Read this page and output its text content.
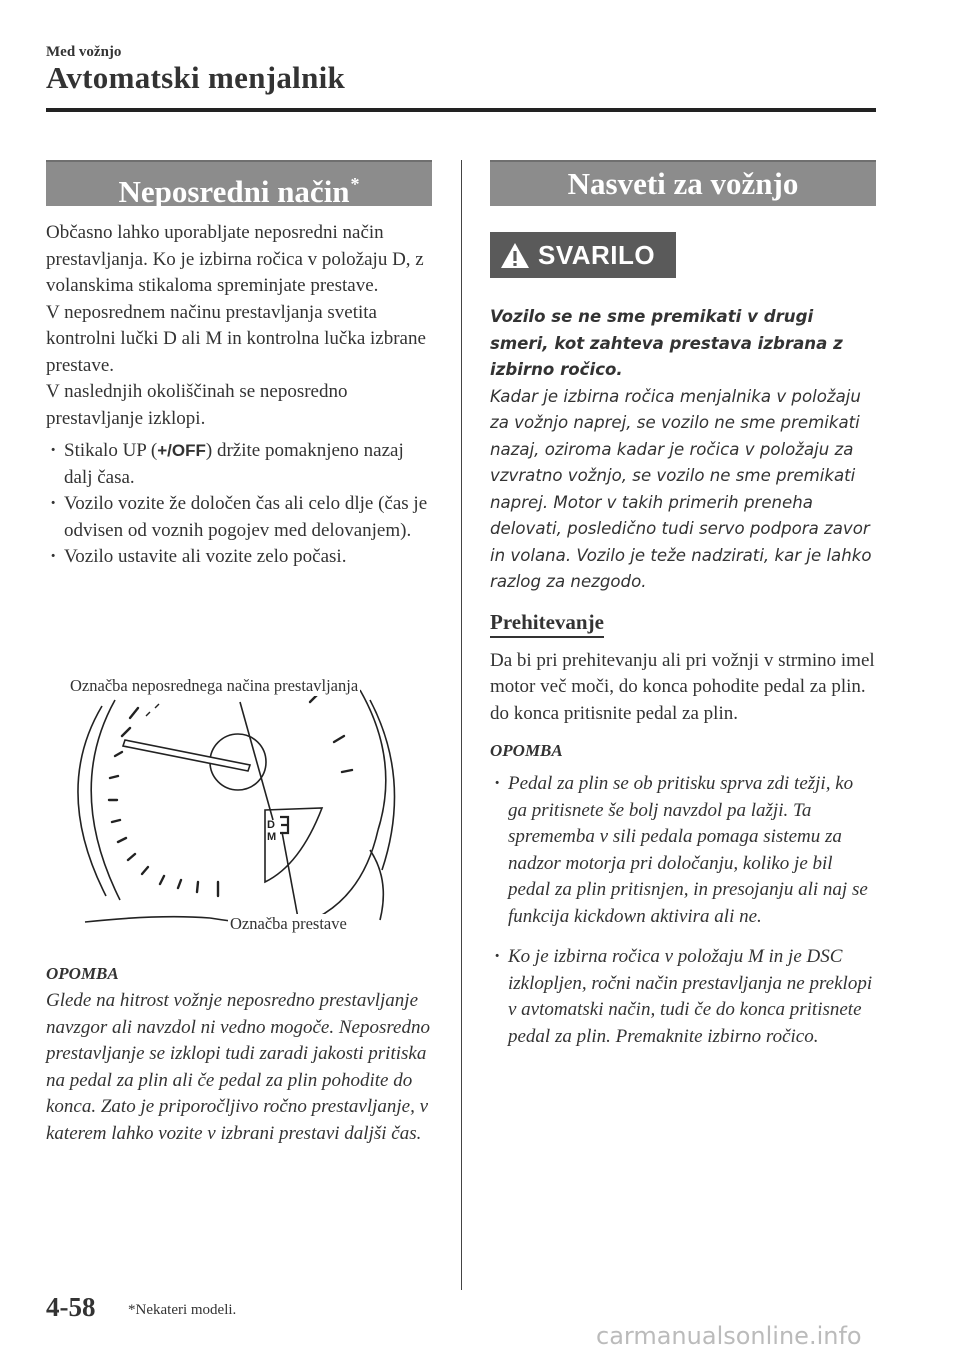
Med vožnjo
Avtomatski menjalnik
Neposredni način*

Občasno lahko uporabljate neposredni način prestavljanja. Ko je izbirna ročica v položaju D, z volanskima stikaloma spreminjate prestave.

V neposrednem načinu prestavljanja svetita kontrolni lučki D ali M in kontrolna lučka izbrane prestave.

V naslednjih okoliščinah se neposredno prestavljanje izklopi.

· Stikalo UP (+/OFF) držite pomaknjeno nazaj dalj časa.
· Vozilo vozite že določen čas ali celo dlje (čas je odvisen od voznih pogojev med delovanjem).
· Vozilo ustavite ali vozite zelo počasi.
D
M
Označba neposrednega načina prestavljanja
Označba prestave
OPOMBA
Glede na hitrost vožnje neposredno prestavljanje navzgor ali navzdol ni vedno mogoče. Neposredno prestavljanje se izklopi tudi zaradi jakosti pritiska na pedal za plin ali če pedal za plin pohodite do konca. Zato je priporočljivo ročno prestavljanje, v katerem lahko vozite v izbrani prestavi daljši čas.
Nasveti za vožnjo
SVARILO
Vozilo se ne sme premikati v drugi smeri, kot zahteva prestava izbrana z izbirno ročico.
Kadar je izbirna ročica menjalnika v položaju za vožnjo naprej, se vozilo ne sme premikati nazaj, oziroma kadar je ročica v položaju za vzvratno vožnjo, se vozilo ne sme premikati naprej. Motor v takih primerih preneha delovati, posledično tudi servo podpora zavor in volana. Vozilo je teže nadzirati, kar je lahko razlog za nezgodo.
Prehitevanje
Da bi pri prehitevanju ali pri vožnji v strmino imel motor več moči, do konca pohodite pedal za plin. do konca pritisnite pedal za plin.
OPOMBA
· Pedal za plin se ob pritisku sprva zdi težji, ko ga pritisnete še bolj navzdol pa lažji. Ta sprememba v sili pedala pomaga sistemu za nadzor motorja pri določanju, koliko je bil pedal za plin pritisnjen, in presojanju ali naj se funkcija kickdown aktivira ali ne.
· Ko je izbirna ročica v položaju M in je DSC izklopljen, ročni način prestavljanja ne preklopi v avtomatski način, tudi če do konca pritisnete pedal za plin. Premaknite izbirno ročico.
4-58 *Nekateri modeli.
carmanualsonline.info
